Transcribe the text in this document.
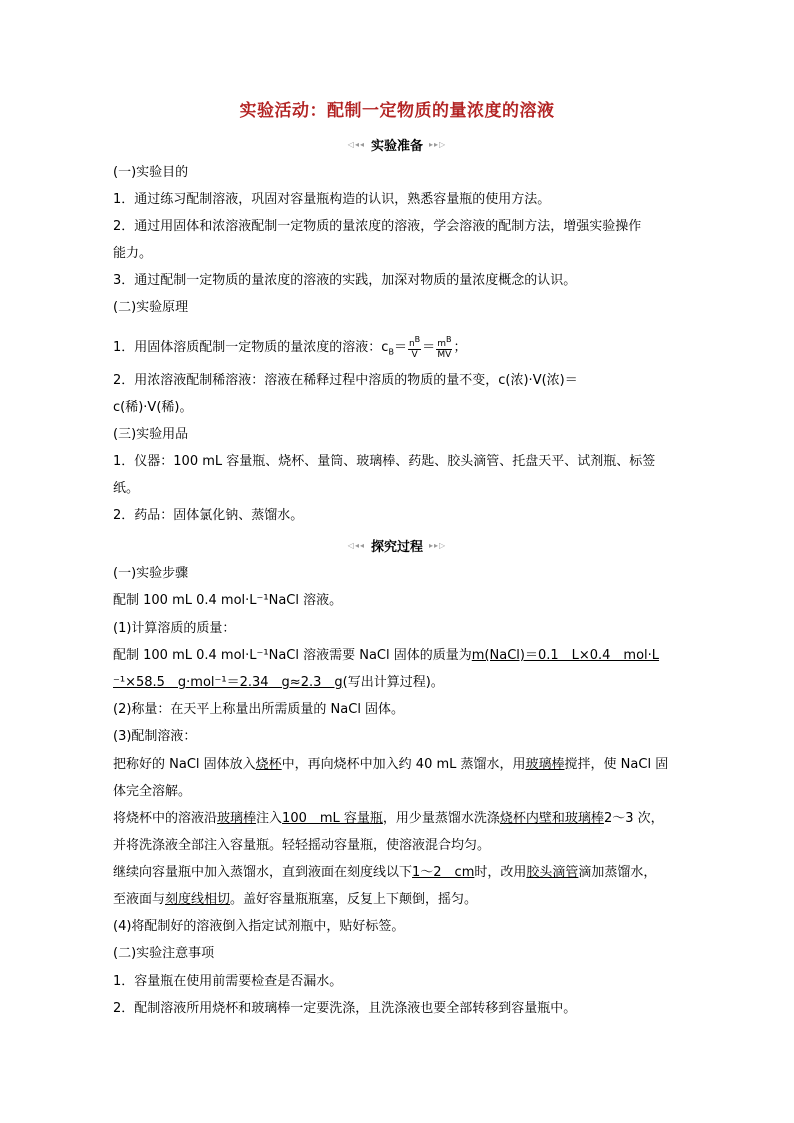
实验活动：配制一定物质的量浓度的溶液
◁◂◂ 实验准备 ▸▸▷
(一)实验目的
1．通过练习配制溶液，巩固对容量瓶构造的认识，熟悉容量瓶的使用方法。
2．通过用固体和浓溶液配制一定物质的量浓度的溶液，学会溶液的配制方法，增强实验操作
能力。
3．通过配制一定物质的量浓度的溶液的实践，加深对物质的量浓度概念的认识。
(二)实验原理
1．用固体溶质配制一定物质的量浓度的溶液：$c_B= \frac{n^B}{V} = \frac{m^B}{MV}$ ；
2．用浓溶液配制稀溶液：溶液在稀释过程中溶质的物质的量不变，c(浓)·V(浓)＝
c(稀)·V(稀)。
(三)实验用品
1．仪器：100 mL 容量瓶、烧杯、量筒、玻璃棒、药匙、胶头滴管、托盘天平、试剂瓶、标签
纸。
2．药品：固体氯化钠、蒸馏水。
◁◂◂ 探究过程 ▸▸▷
(一)实验步骤
配制 100 mL 0.4 mol·L⁻¹NaCl 溶液。
(1)计算溶质的质量：
配制 100 mL 0.4 mol·L⁻¹NaCl 溶液需要 NaCl 固体的质量为m(NaCl)＝0.1　L×0.4　mol·L
⁻¹×58.5　g·mol⁻¹＝2.34　g≈2.3　g(写出计算过程)。
(2)称量：在天平上称量出所需质量的 NaCl 固体。
(3)配制溶液：
把称好的 NaCl 固体放入烧杯中，再向烧杯中加入约 40 mL 蒸馏水，用玻璃棒搅拌，使 NaCl 固
体完全溶解。
将烧杯中的溶液沿玻璃棒注入100　mL 容量瓶，用少量蒸馏水洗涤烧杯内壁和玻璃棒2～3 次，
并将洗涤液全部注入容量瓶。轻轻摇动容量瓶，使溶液混合均匀。
继续向容量瓶中加入蒸馏水，直到液面在刻度线以下1～2　cm时，改用胶头滴管滴加蒸馏水，
至液面与刻度线相切。盖好容量瓶瓶塞，反复上下颠倒，摇匀。
(4)将配制好的溶液倒入指定试剂瓶中，贴好标签。
(二)实验注意事项
1．容量瓶在使用前需要检查是否漏水。
2．配制溶液所用烧杯和玻璃棒一定要洗涤，且洗涤液也要全部转移到容量瓶中。
